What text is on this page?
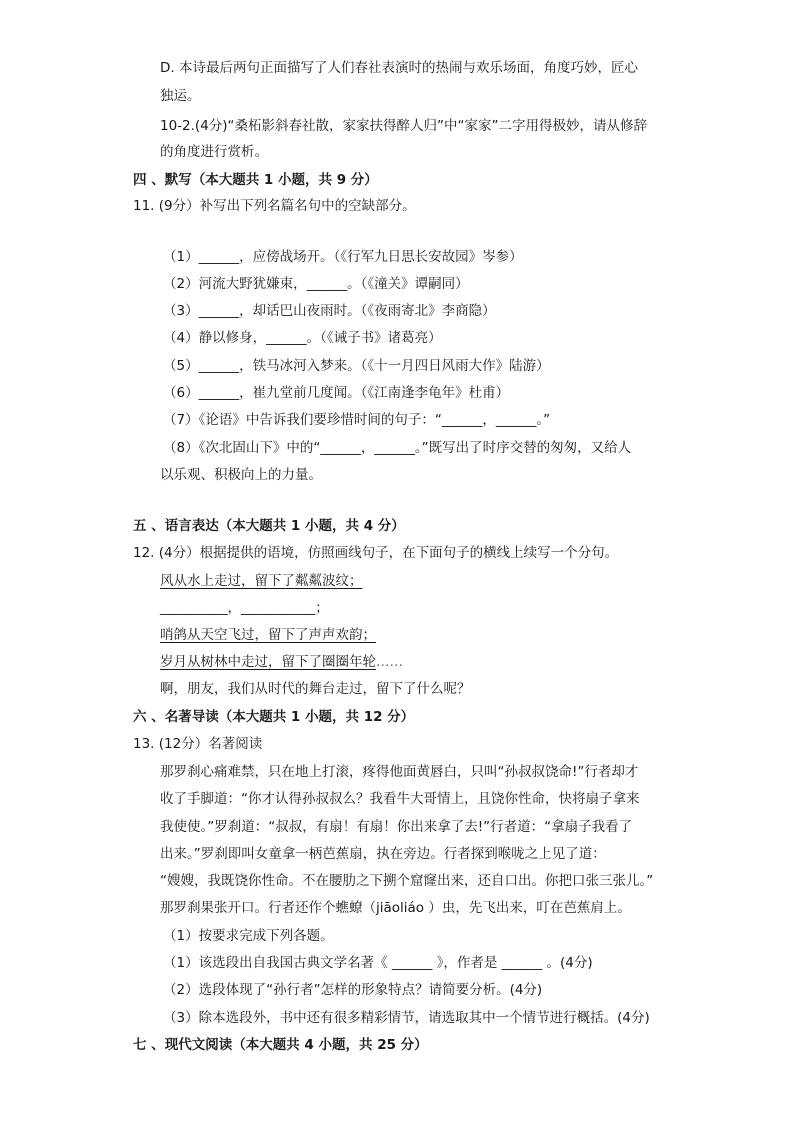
D. 本诗最后两句正面描写了人们春社表演时的热闹与欢乐场面，角度巧妙，匠心
独运。
10-2.(4分)“桑柘影斜春社散，家家扶得醉人归”中“家家”二字用得极妙，请从修辞
的角度进行赏析。
四 、默写（本大题共 1 小题，共 9 分）
11. (9分）补写出下列名篇名句中的空缺部分。
（1）______，应傍战场开。（《行军九日思长安故园》岑参）
（2）河流大野犹嫌束，______。（《潼关》谭嗣同）
（3）______，却话巴山夜雨时。（《夜雨寄北》李商隐）
（4）静以修身，______。（《诫子书》诸葛亮）
（5）______，铁马冰河入梦来。（《十一月四日风雨大作》陆游）
（6）______，崔九堂前几度闻。（《江南逢李龟年》杜甫）
（7）《论语》中告诉我们要珍惜时间的句子：“______，______。”
（8）《次北固山下》中的“______，______。”既写出了时序交替的匆匆，又给人
以乐观、积极向上的力量。
五 、语言表达（本大题共 1 小题，共 4 分）
12. (4分）根据提供的语境，仿照画线句子，在下面句子的横线上续写一个分句。
风从水上走过，留下了粼粼波纹；
__________，___________；
哨鸽从天空飞过，留下了声声欢韵；
岁月从树林中走过，留下了圈圈年轮……
啊，朋友，我们从时代的舞台走过，留下了什么呢？
六 、名著导读（本大题共 1 小题，共 12 分）
13. (12分）名著阅读
那罗刹心痛难禁，只在地上打滚，疼得他面黄唇白，只叫“孙叔叔饶命!”行者却才
收了手脚道：“你才认得孙叔叔么？我看牛大哥情上，且饶你性命，快将扇子拿来
我使使。”罗刹道：“叔叔，有扇！有扇！你出来拿了去!”行者道：“拿扇子我看了
出来。”罗刹即叫女童拿一柄芭蕉扇，执在旁边。行者探到喉咙之上见了道：
“嫂嫂，我既饶你性命。不在腰肋之下搠个窟窿出来，还自口出。你把口张三张儿。”
那罗刹果张开口。行者还作个蟭蟟（jiāoliáo ）虫，先飞出来，叮在芭蕉肩上。
（1）按要求完成下列各题。
（1）该选段出自我国古典文学名著《 ______ 》，作者是 ______ 。(4分)
（2）选段体现了“孙行者”怎样的形象特点？请简要分析。(4分)
（3）除本选段外，书中还有很多精彩情节，请选取其中一个情节进行概括。(4分)
七 、现代文阅读（本大题共 4 小题，共 25 分）
